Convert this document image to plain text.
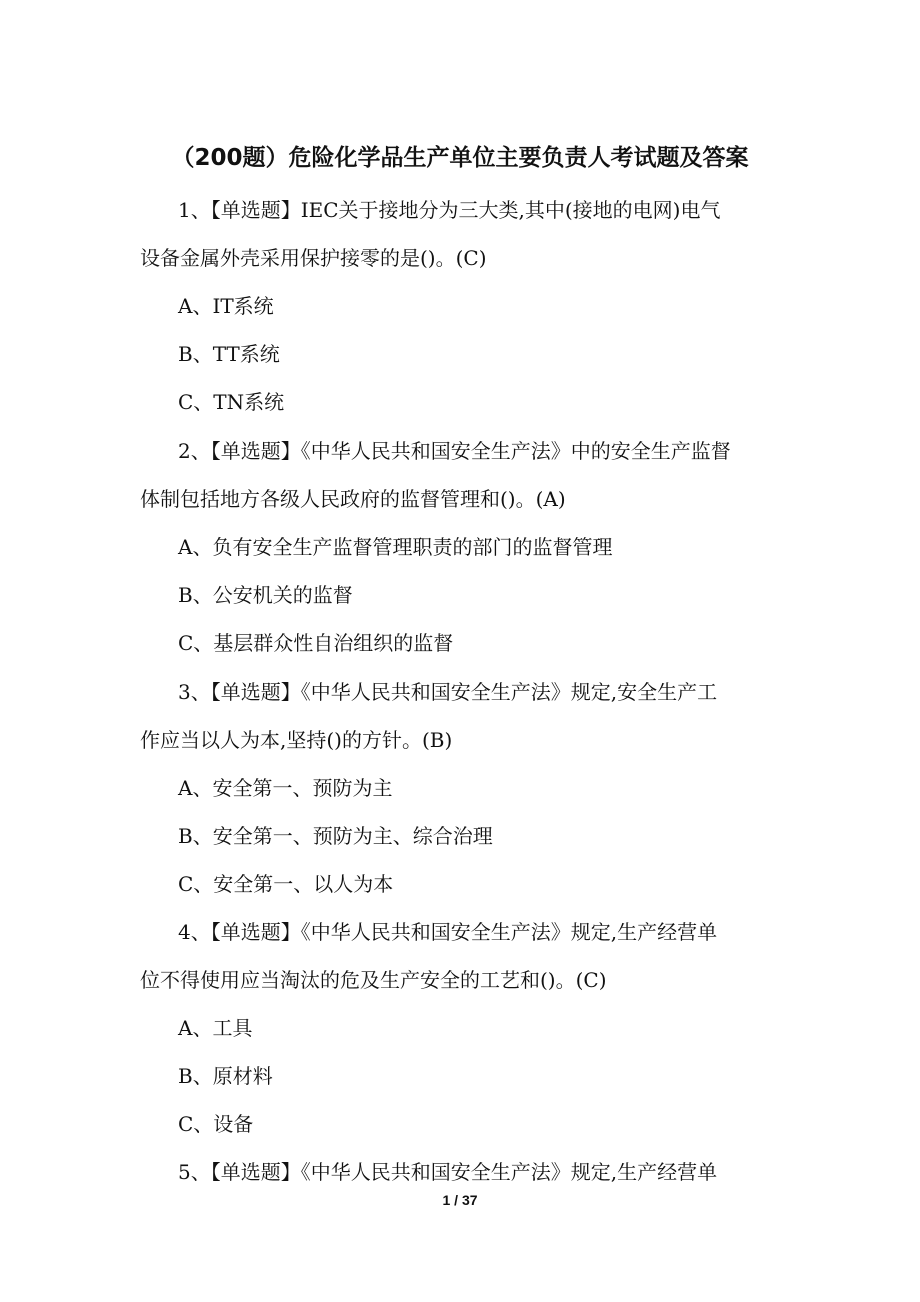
（200题）危险化学品生产单位主要负责人考试题及答案
1、【单选题】IEC关于接地分为三大类,其中(接地的电网)电气
设备金属外壳采用保护接零的是()。(C)
A、IT系统
B、TT系统
C、TN系统
2、【单选题】《中华人民共和国安全生产法》中的安全生产监督
体制包括地方各级人民政府的监督管理和()。(A)
A、负有安全生产监督管理职责的部门的监督管理
B、公安机关的监督
C、基层群众性自治组织的监督
3、【单选题】《中华人民共和国安全生产法》规定,安全生产工
作应当以人为本,坚持()的方针。(B)
A、安全第一、预防为主
B、安全第一、预防为主、综合治理
C、安全第一、以人为本
4、【单选题】《中华人民共和国安全生产法》规定,生产经营单
位不得使用应当淘汰的危及生产安全的工艺和()。(C)
A、工具
B、原材料
C、设备
5、【单选题】《中华人民共和国安全生产法》规定,生产经营单
1 / 37
